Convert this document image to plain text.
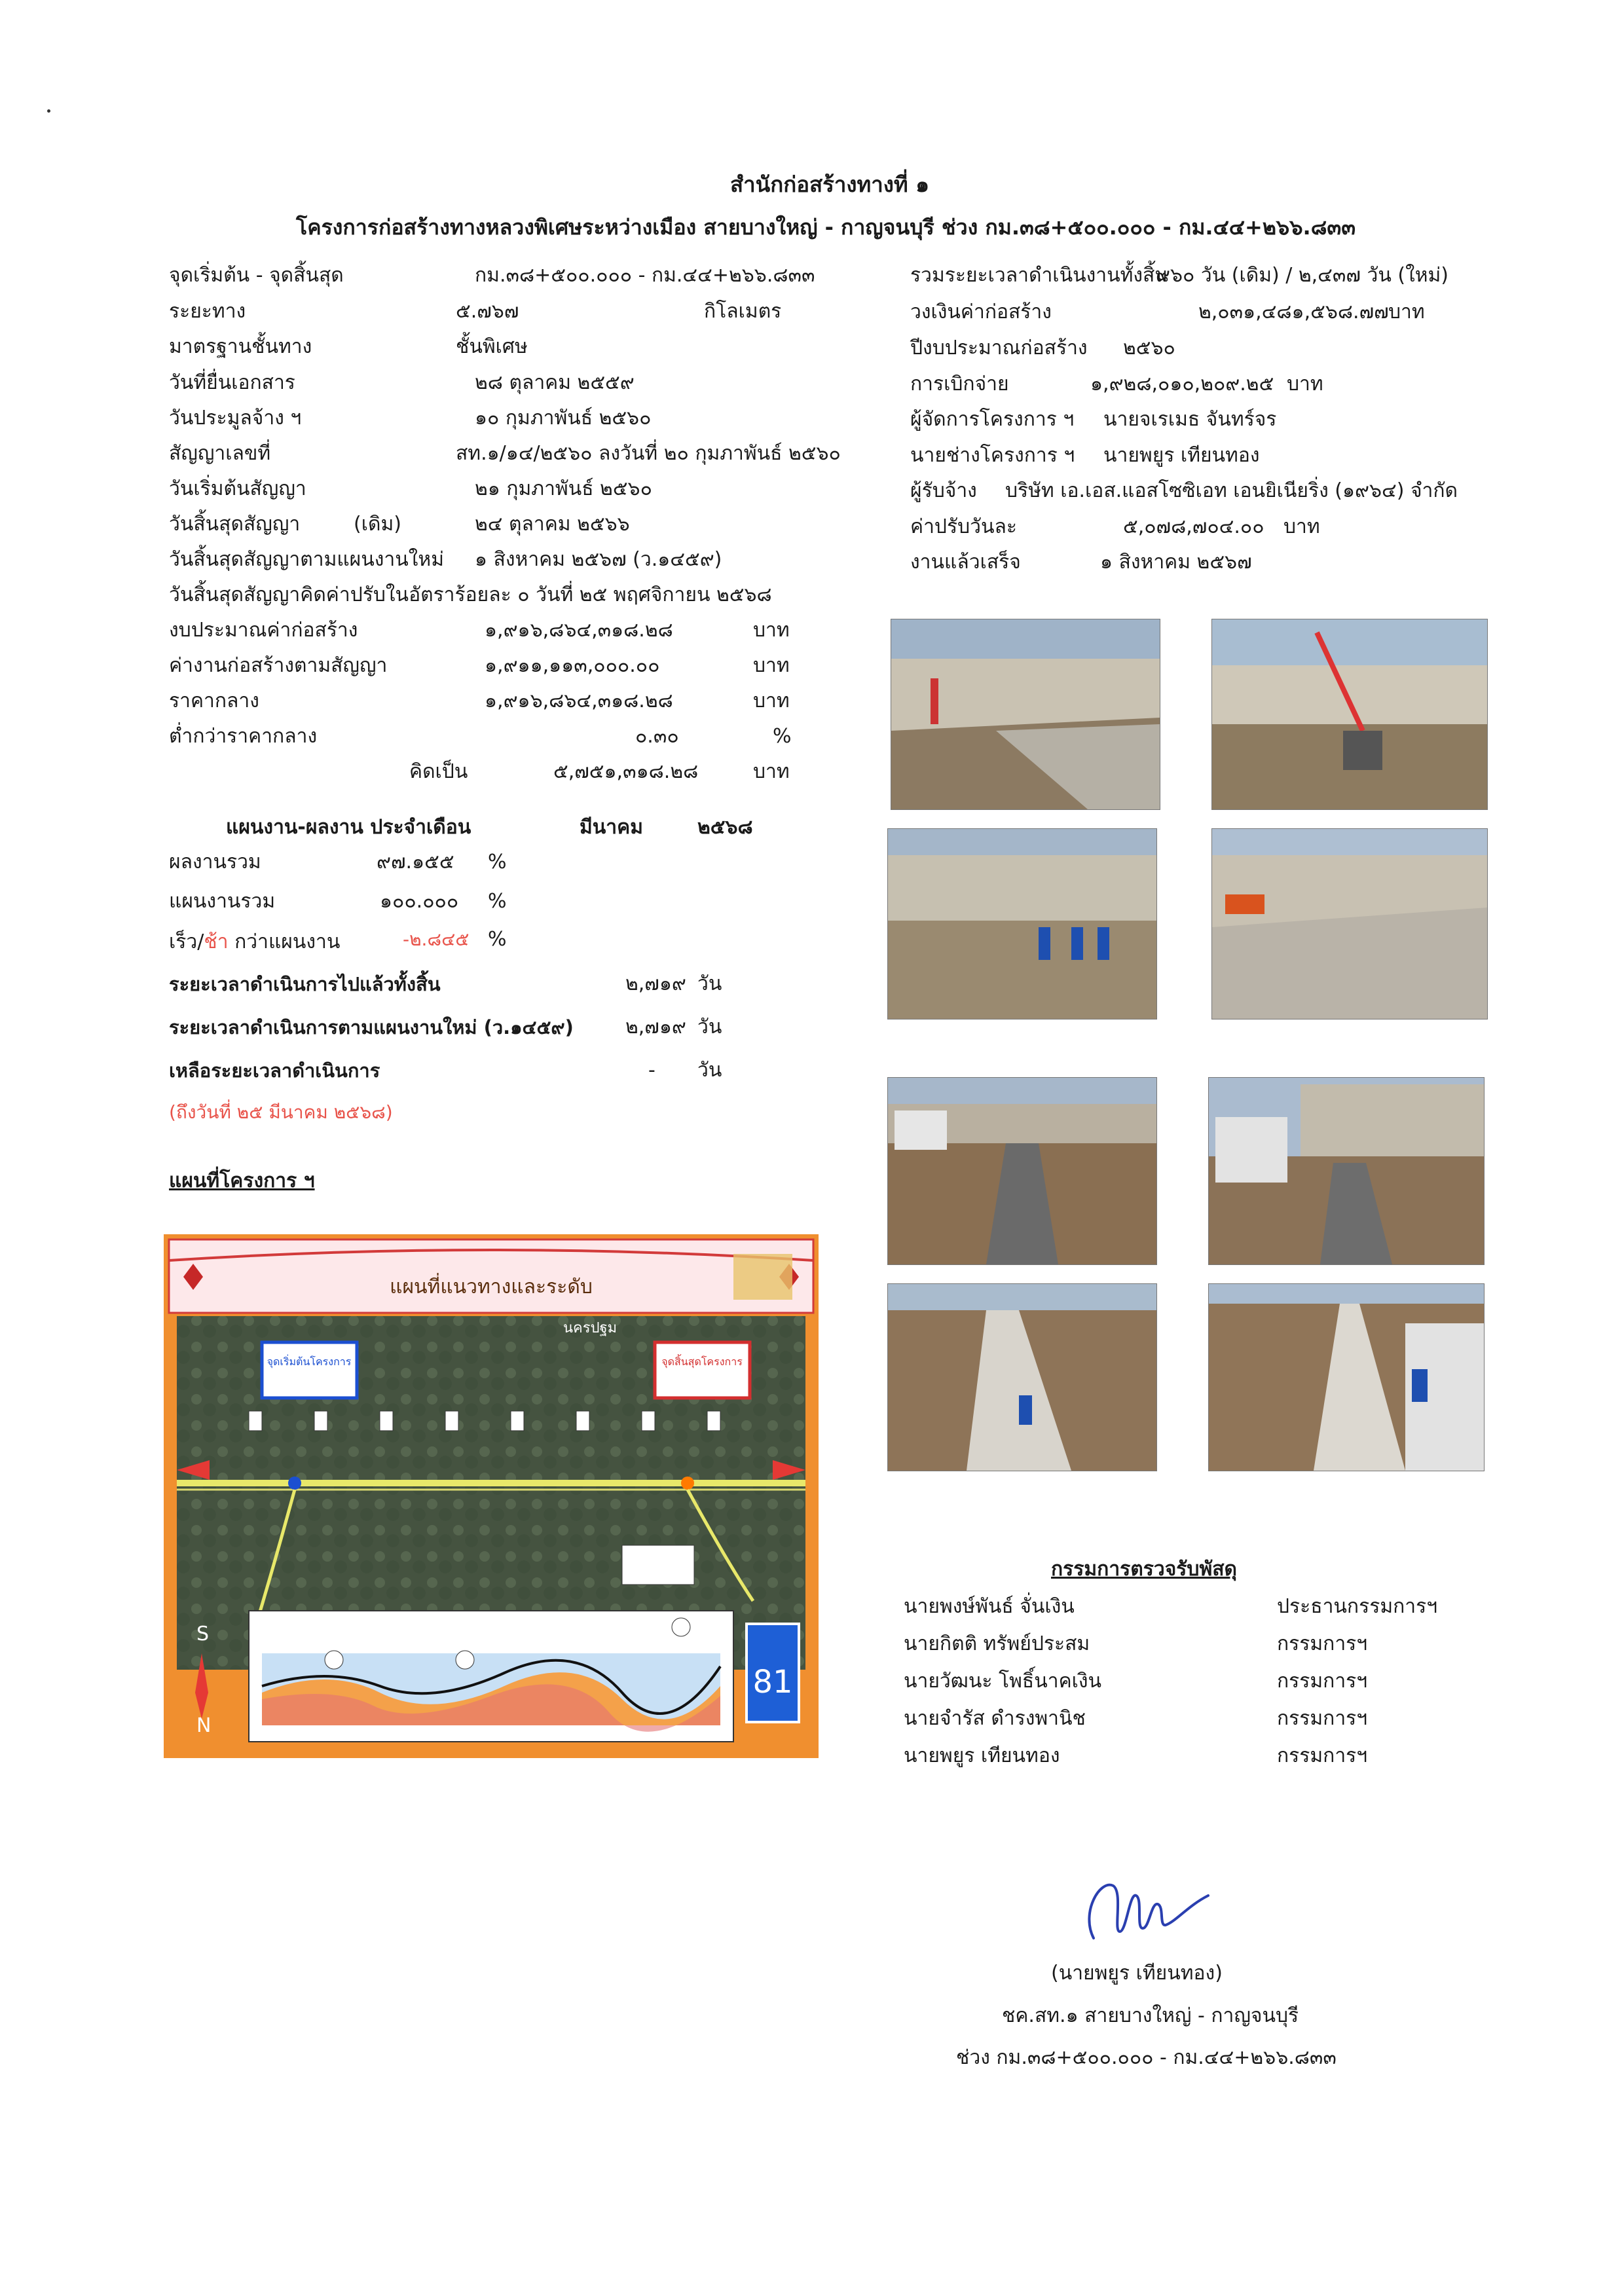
สำนักก่อสร้างทางที่ ๑
โครงการก่อสร้างทางหลวงพิเศษระหว่างเมือง สายบางใหญ่ - กาญจนบุรี ช่วง กม.๓๘+๕๐๐.๐๐๐ - กม.๔๔+๒๖๖.๘๓๓
จุดเริ่มต้น - จุดสิ้นสุด	กม.๓๘+๕๐๐.๐๐๐ - กม.๔๔+๒๖๖.๘๓๓
ระยะทาง	๕.๗๖๗	กิโลเมตร
มาตรฐานชั้นทาง	ชั้นพิเศษ
วันที่ยื่นเอกสาร	๒๘ ตุลาคม ๒๕๕๙
วันประมูลจ้าง ฯ	๑๐ กุมภาพันธ์ ๒๕๖๐
สัญญาเลขที่	สท.๑/๑๔/๒๕๖๐ ลงวันที่ ๒๐ กุมภาพันธ์ ๒๕๖๐
วันเริ่มต้นสัญญา	๒๑ กุมภาพันธ์ ๒๕๖๐
วันสิ้นสุดสัญญา	(เดิม)	๒๔ ตุลาคม ๒๕๖๖
วันสิ้นสุดสัญญาตามแผนงานใหม่ ๑ สิงหาคม ๒๕๖๗ (ว.๑๔๕๙)
วันสิ้นสุดสัญญาคิดค่าปรับในอัตราร้อยละ ๐ วันที่ ๒๕ พฤศจิกายน ๒๕๖๘
งบประมาณค่าก่อสร้าง	๑,๙๑๖,๘๖๔,๓๑๘.๒๘	บาท
ค่างานก่อสร้างตามสัญญา	๑,๙๑๑,๑๑๓,๐๐๐.๐๐	บาท
ราคากลาง	๑,๙๑๖,๘๖๔,๓๑๘.๒๘	บาท
ต่ำกว่าราคากลาง	๐.๓๐	%
คิดเป็น	๕,๗๕๑,๓๑๘.๒๘	บาท
แผนงาน-ผลงาน ประจำเดือน	มีนาคม	๒๕๖๘
ผลงานรวม	๙๗.๑๕๕ %
แผนงานรวม	๑๐๐.๐๐๐ %
เร็ว/ช้า กว่าแผนงาน	-๒.๘๔๕ %
ระยะเวลาดำเนินการไปแล้วทั้งสิ้น	๒,๗๑๙ วัน
ระยะเวลาดำเนินการตามแผนงานใหม่ (ว.๑๔๕๙)	๒,๗๑๙ วัน
เหลือระยะเวลาดำเนินการ	- วัน
(ถึงวันที่ ๒๕ มีนาคม ๒๕๖๘)
แผนที่โครงการ ฯ
จุดเริ่มต้นโครงการ	จุดสิ้นสุดโครงการ
นครปฐม
81
S
N
แผนที่แนวทางและระดับ
รวมระยะเวลาดำเนินงานทั้งสิ้น
๙๖๐ วัน (เดิม) / ๒,๔๓๗ วัน (ใหม่)
วงเงินค่าก่อสร้าง	๒,๐๓๑,๔๘๑,๕๖๘.๗๗ บาท
ปีงบประมาณก่อสร้าง ๒๕๖๐
การเบิกจ่าย	๑,๙๒๘,๐๑๐,๒๐๙.๒๕ บาท
ผู้จัดการโครงการ ฯ นายจเรเมธ จันทร์จร
นายช่างโครงการ ฯ นายพยูร เทียนทอง
ผู้รับจ้าง บริษัท เอ.เอส.แอสโซซิเอท เอนยิเนียริ่ง (๑๙๖๔) จำกัด
ค่าปรับวันละ	๕,๐๗๘,๗๐๔.๐๐ บาท
งานแล้วเสร็จ	๑ สิงหาคม ๒๕๖๗
กรรมการตรวจรับพัสดุ
นายพงษ์พันธ์ จั่นเงิน	ประธานกรรมการฯ
นายกิตติ ทรัพย์ประสม	กรรมการฯ
นายวัฒนะ โพธิ์นาคเงิน	กรรมการฯ
นายจำรัส ดำรงพานิช	กรรมการฯ
นายพยูร เทียนทอง	กรรมการฯ
(นายพยูร เทียนทอง)
ชค.สท.๑ สายบางใหญ่ - กาญจนบุรี
ช่วง กม.๓๘+๕๐๐.๐๐๐ - กม.๔๔+๒๖๖.๘๓๓
